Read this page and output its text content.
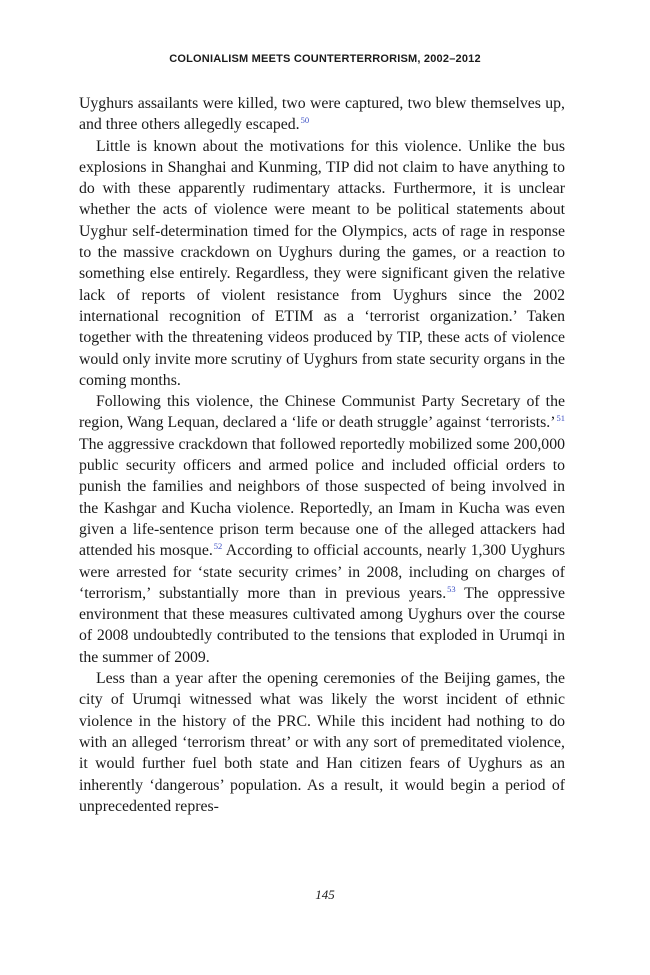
COLONIALISM MEETS COUNTERTERRORISM, 2002–2012

Uyghurs assailants were killed, two were captured, two blew themselves up, and three others allegedly escaped.$^{50}$

Little is known about the motivations for this violence. Unlike the bus explosions in Shanghai and Kunming, TIP did not claim to have anything to do with these apparently rudimentary attacks. Furthermore, it is unclear whether the acts of violence were meant to be political statements about Uyghur self-determination timed for the Olympics, acts of rage in response to the massive crackdown on Uyghurs during the games, or a reaction to something else entirely. Regardless, they were significant given the relative lack of reports of violent resistance from Uyghurs since the 2002 international recognition of ETIM as a ‘terrorist organization.’ Taken together with the threatening videos produced by TIP, these acts of violence would only invite more scrutiny of Uyghurs from state security organs in the coming months.

Following this violence, the Chinese Communist Party Secretary of the region, Wang Lequan, declared a ‘life or death struggle’ against ‘terrorists.’$^{51}$ The aggressive crackdown that followed reportedly mobilized some 200,000 public security officers and armed police and included official orders to punish the families and neighbors of those suspected of being involved in the Kashgar and Kucha violence. Reportedly, an Imam in Kucha was even given a life-sentence prison term because one of the alleged attackers had attended his mosque.$^{52}$ According to official accounts, nearly 1,300 Uyghurs were arrested for ‘state security crimes’ in 2008, including on charges of ‘terrorism,’ substantially more than in previous years.$^{53}$ The oppressive environment that these measures cultivated among Uyghurs over the course of 2008 undoubtedly contributed to the tensions that exploded in Urumqi in the summer of 2009.

Less than a year after the opening ceremonies of the Beijing games, the city of Urumqi witnessed what was likely the worst incident of ethnic violence in the history of the PRC. While this incident had nothing to do with an alleged ‘terrorism threat’ or with any sort of premeditated violence, it would further fuel both state and Han citizen fears of Uyghurs as an inherently ‘dangerous’ population. As a result, it would begin a period of unprecedented repres-

145
